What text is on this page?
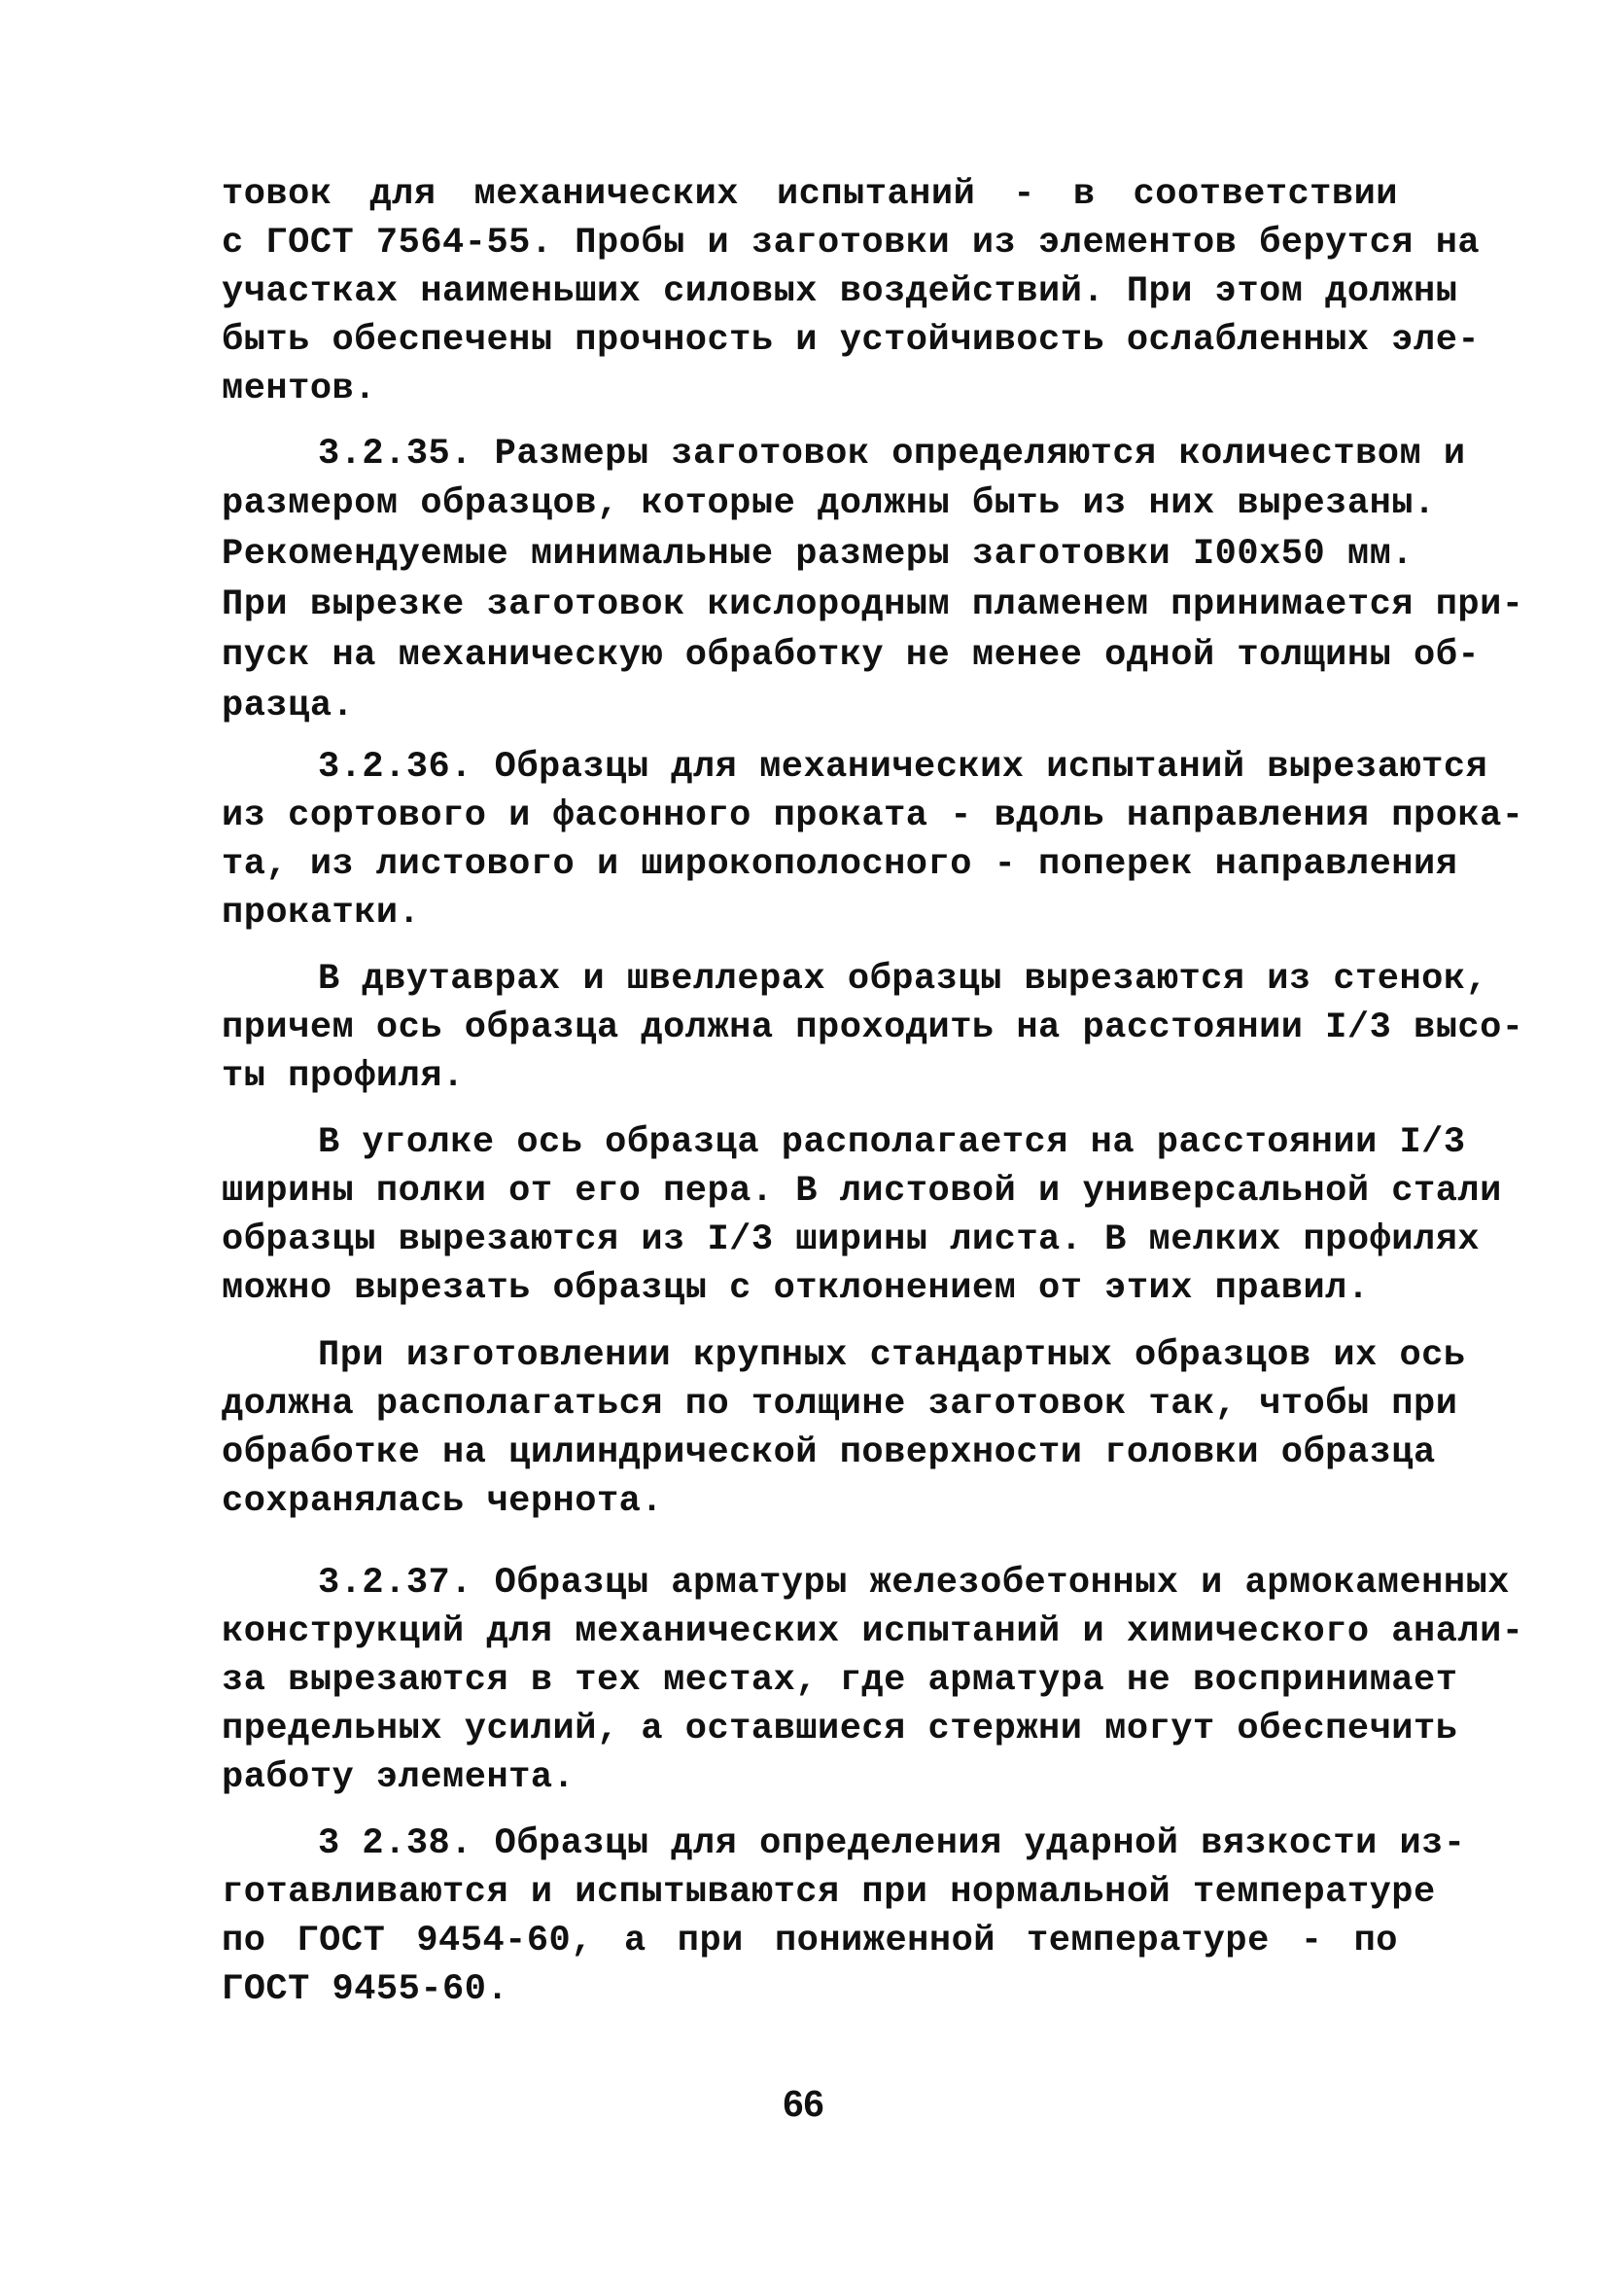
товок для механических испытаний - в соответствии
с ГОСТ 7564-55. Пробы и заготовки из элементов берутся на
участках наименьших силовых воздействий. При этом должны
быть обеспечены прочность и устойчивость ослабленных эле-
ментов.
3.2.35. Размеры заготовок определяются количеством и
размером образцов, которые должны быть из них вырезаны.
Рекомендуемые минимальные размеры заготовки I00x50 мм.
При вырезке заготовок кислородным пламенем принимается при-
пуск на механическую обработку не менее одной толщины об-
разца.
3.2.36. Образцы для механических испытаний вырезаются
из сортового и фасонного проката - вдоль направления прока-
та, из листового и широкополосного - поперек направления
прокатки.
В двутаврах и швеллерах образцы вырезаются из стенок,
причем ось образца должна проходить на расстоянии I/3 высо-
ты профиля.
В уголке ось образца располагается на расстоянии I/3
ширины полки от его пера. В листовой и универсальной стали
образцы вырезаются из I/3 ширины листа. В мелких профилях
можно вырезать образцы с отклонением от этих правил.
При изготовлении крупных стандартных образцов их ось
должна располагаться по толщине заготовок так, чтобы при
обработке на цилиндрической поверхности головки образца
сохранялась чернота.
3.2.37. Образцы арматуры железобетонных и армокаменных
конструкций для механических испытаний и химического анали-
за вырезаются в тех местах, где арматура не воспринимает
предельных усилий, а оставшиеся стержни могут обеспечить
работу элемента.
3 2.38. Образцы для определения ударной вязкости из-
готавливаются и испытываются при нормальной температуре
по ГОСТ 9454-60, а при пониженной температуре - по
ГОСТ 9455-60.
66
